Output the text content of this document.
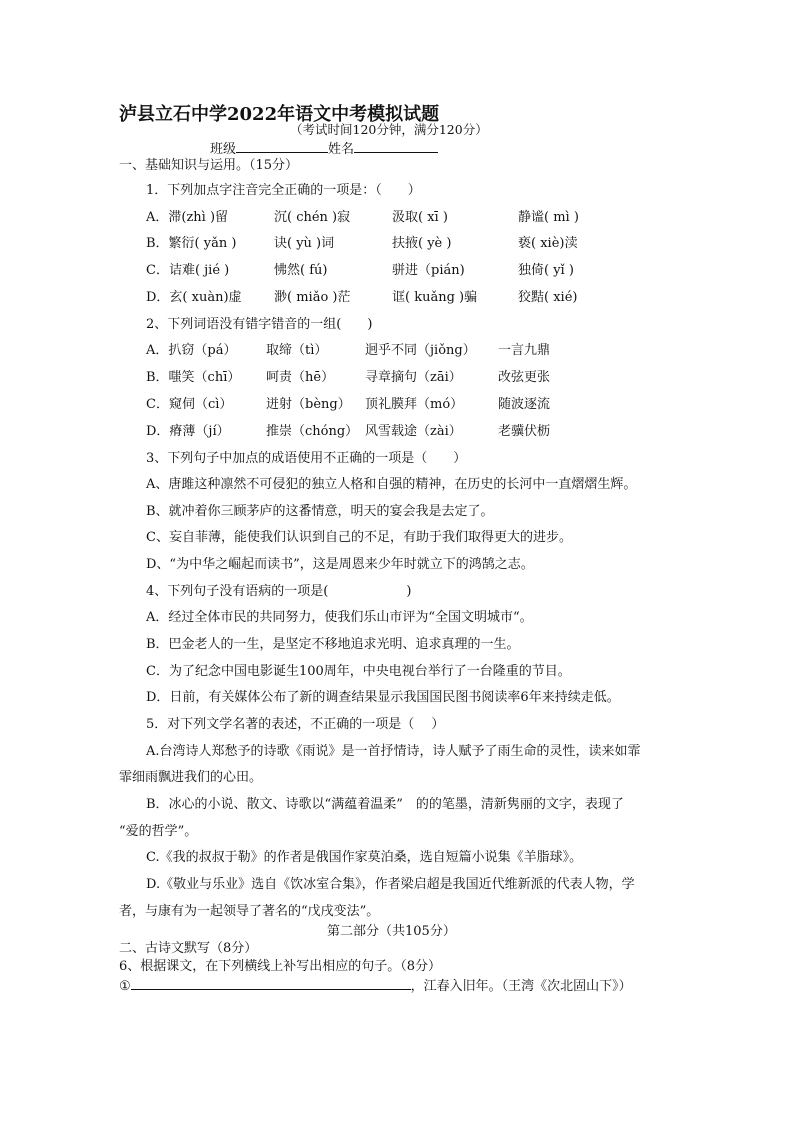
泸县立石中学2022年语文中考模拟试题
（考试时间120分钟，满分120分）
班级	姓名
一、基础知识与运用。（15分）
1．下列加点字注音完全正确的一项是：（　　）
A．滞(zhì )留	沉( chén )寂	汲取( xī )	静谧( mì )
B．繁衍( yǎn )	诀( yù )词	扶掖( yè )	亵( xiè)渎
C．诘难( jié )	怫然( fú)	骈进（pián)	独倚( yǐ )
D．玄( xuàn)虚 渺( miǎo )茫	诓( kuǎng )骗	狡黠( xié)
2、下列词语没有错字错音的一组(　　)
A．扒窃（pá） 取缔（tì）	迥乎不同（jiǒng） 一言九鼎
B．嗤笑（chī） 呵责（hē） 寻章摘句（zāi）	改弦更张
C．窥伺（cì）	迸射（bèng） 顶礼膜拜（mó）	随波逐流
D．瘠薄（jí）	推崇（chóng） 风雪载途（zài）	老骥伏枥
3、下列句子中加点的成语使用不正确的一项是（　　）
A、唐雎这种凛然不可侵犯的独立人格和自强的精神，在历史的长河中一直熠熠生辉。
B、就冲着你三顾茅庐的这番情意，明天的宴会我是去定了。
C、妄自菲薄，能使我们认识到自己的不足，有助于我们取得更大的进步。
D、“为中华之崛起而读书”，这是周恩来少年时就立下的鸿鹄之志。
4、下列句子没有语病的一项是(　　　　　　)
A．经过全体市民的共同努力，使我们乐山市评为“全国文明城市“。
B．巴金老人的一生，是坚定不移地追求光明、追求真理的一生。
C．为了纪念中国电影诞生100周年，中央电视台举行了一台隆重的节目。
D．日前，有关媒体公布了新的调查结果显示我国国民图书阅读率6年来持续走低。
5．对下列文学名著的表述，不正确的一项是（　 ）
A.台湾诗人郑愁予的诗歌《雨说》是一首抒情诗，诗人赋予了雨生命的灵性，读来如霏
霏细雨飘进我们的心田。
B．冰心的小说、散文、诗歌以“满蕴着温柔”　的的笔墨，清新隽丽的文字，表现了
“爱的哲学”。
C.《我的叔叔于勒》的作者是俄国作家莫泊桑，选自短篇小说集《羊脂球》。
D.《敬业与乐业》选自《饮冰室合集》，作者梁启超是我国近代维新派的代表人物，学
者，与康有为一起领导了著名的“戊戌变法”。
第二部分（共105分）
二、古诗文默写（8分）
6、根据课文，在下列横线上补写出相应的句子。（8分）
①	，江春入旧年。（王湾《次北固山下》）
